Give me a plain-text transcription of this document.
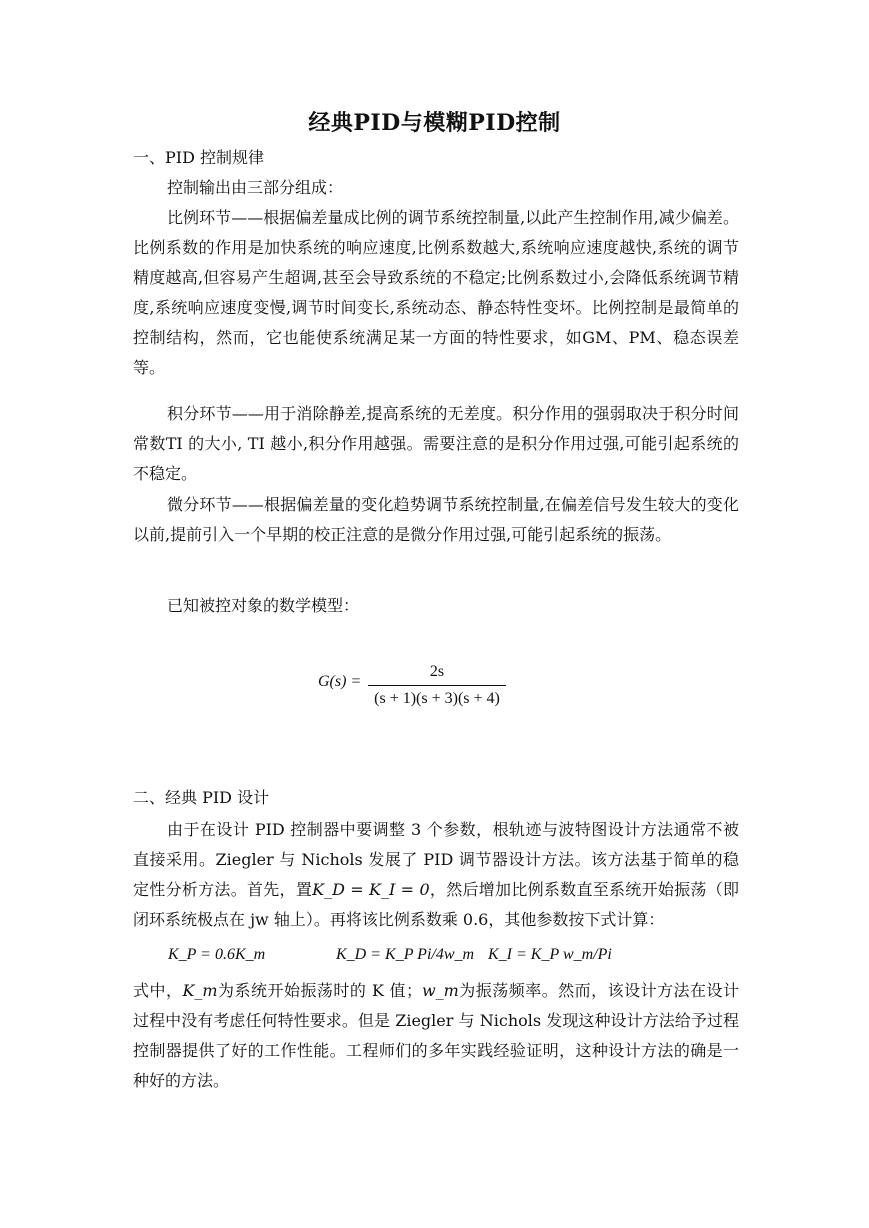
经典PID与模糊PID控制
一、PID 控制规律

控制输出由三部分组成：

比例环节——根据偏差量成比例的调节系统控制量,以此产生控制作用,减少偏差。比例系数的作用是加快系统的响应速度,比例系数越大,系统响应速度越快,系统的调节精度越高,但容易产生超调,甚至会导致系统的不稳定;比例系数过小,会降低系统调节精度,系统响应速度变慢,调节时间变长,系统动态、静态特性变坏。比例控制是最简单的控制结构，然而，它也能使系统满足某一方面的特性要求，如GM、PM、稳态误差等。

积分环节——用于消除静差,提高系统的无差度。积分作用的强弱取决于积分时间常数TI 的大小, TI 越小,积分作用越强。需要注意的是积分作用过强,可能引起系统的不稳定。

微分环节——根据偏差量的变化趋势调节系统控制量,在偏差信号发生较大的变化以前,提前引入一个早期的校正注意的是微分作用过强,可能引起系统的振荡。

已知被控对象的数学模型：

G(s) =
2s
(s + 1)(s + 3)(s + 4)
二、经典 PID 设计

由于在设计 PID 控制器中要调整 3 个参数，根轨迹与波特图设计方法通常不被直接采用。Ziegler 与 Nichols 发展了 PID 调节器设计方法。该方法基于简单的稳定性分析方法。首先，置K_D = K_I = 0，然后增加比例系数直至系统开始振荡（即闭环系统极点在 jw 轴上）。再将该比例系数乘 0.6，其他参数按下式计算：

K_P = 0.6K_m	K_D = K_P Pi/4w_m K_I = K_P w_m/Pi

式中，K_m为系统开始振荡时的 K 值；w_m为振荡频率。然而，该设计方法在设计过程中没有考虑任何特性要求。但是 Ziegler 与 Nichols 发现这种设计方法给予过程控制器提供了好的工作性能。工程师们的多年实践经验证明，这种设计方法的确是一种好的方法。
